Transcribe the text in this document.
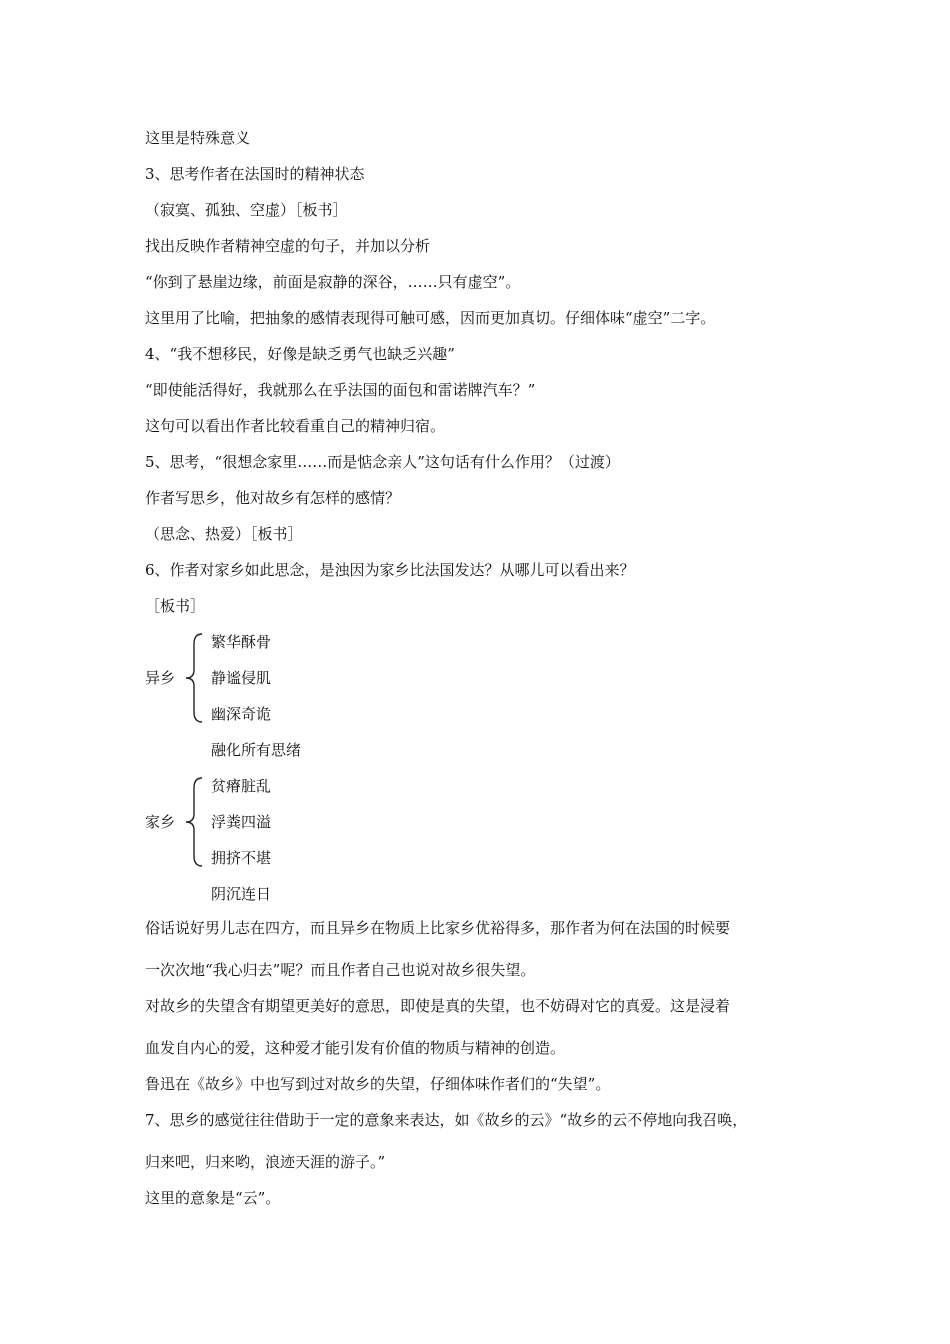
这里是特殊意义
3、思考作者在法国时的精神状态
（寂寞、孤独、空虚）［板书］
找出反映作者精神空虚的句子，并加以分析
“你到了悬崖边缘，前面是寂静的深谷，……只有虚空”。
这里用了比喻，把抽象的感情表现得可触可感，因而更加真切。仔细体味“虚空”二字。
4、“我不想移民，好像是缺乏勇气也缺乏兴趣”
“即使能活得好，我就那么在乎法国的面包和雷诺牌汽车？”
这句可以看出作者比较看重自己的精神归宿。
5、思考，“很想念家里……而是惦念亲人”这句话有什么作用？（过渡）
作者写思乡，他对故乡有怎样的感情？
（思念、热爱）［板书］
6、作者对家乡如此思念，是浊因为家乡比法国发达？从哪儿可以看出来？
［板书］
异乡
繁华酥骨
静谧侵肌
幽深奇诡
融化所有思绪
家乡
贫瘠脏乱
浮粪四溢
拥挤不堪
阴沉连日
俗话说好男儿志在四方，而且异乡在物质上比家乡优裕得多，那作者为何在法国的时候要
一次次地“我心归去”呢？而且作者自己也说对故乡很失望。
对故乡的失望含有期望更美好的意思，即使是真的失望，也不妨碍对它的真爱。这是浸着
血发自内心的爱，这种爱才能引发有价值的物质与精神的创造。
鲁迅在《故乡》中也写到过对故乡的失望，仔细体味作者们的“失望”。
7、思乡的感觉往往借助于一定的意象来表达，如《故乡的云》“故乡的云不停地向我召唤，
归来吧，归来哟，浪迹天涯的游子。”
这里的意象是“云”。
